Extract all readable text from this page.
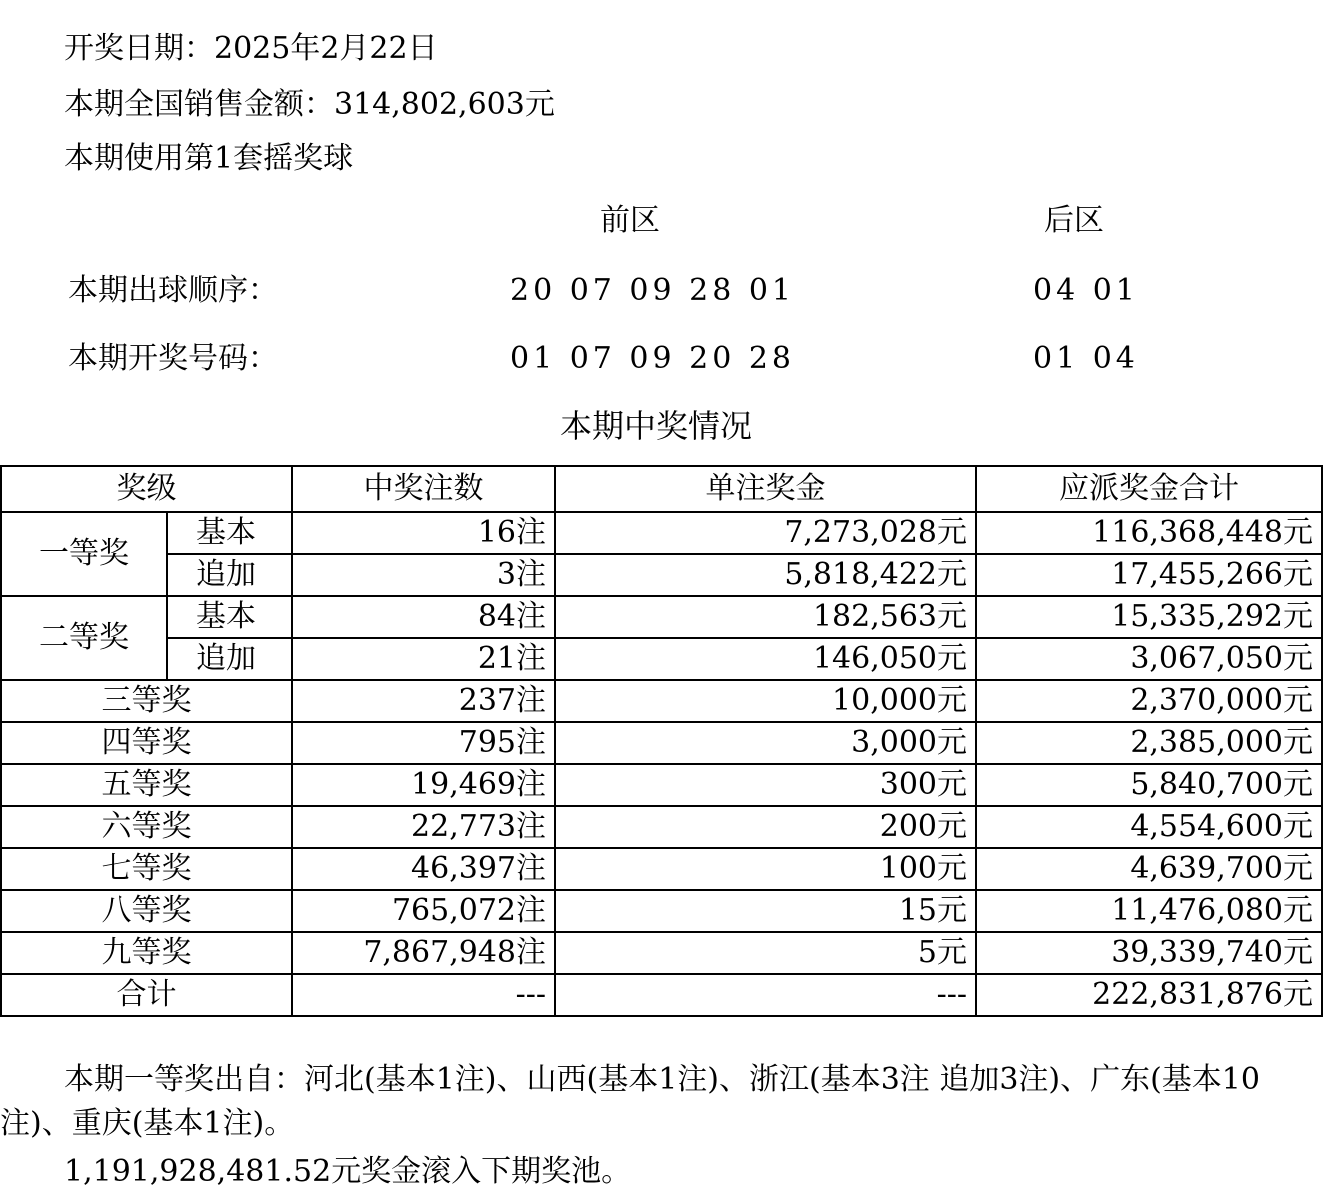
开奖日期：2025年2月22日
本期全国销售金额：314,802,603元
本期使用第1套摇奖球
前区	后区
本期出球顺序：	20 07 09 28 01	04 01
本期开奖号码：	01 07 09 20 28	01 04
本期中奖情况
奖级		中奖注数	单注奖金	应派奖金合计
一等奖	基本	16注	7,273,028元	116,368,448元
	追加	3注	5,818,422元	17,455,266元
二等奖	基本	84注	182,563元	15,335,292元
	追加	21注	146,050元	3,067,050元
三等奖		237注	10,000元	2,370,000元
四等奖		795注	3,000元	2,385,000元
五等奖		19,469注	300元	5,840,700元
六等奖		22,773注	200元	4,554,600元
七等奖		46,397注	100元	4,639,700元
八等奖		765,072注	15元	11,476,080元
九等奖		7,867,948注	5元	39,339,740元
合计		---	---	222,831,876元

本期一等奖出自：河北(基本1注)、山西(基本1注)、浙江(基本3注 追加3注)、广东(基本10注)、重庆(基本1注)。

1,191,928,481.52元奖金滚入下期奖池。
